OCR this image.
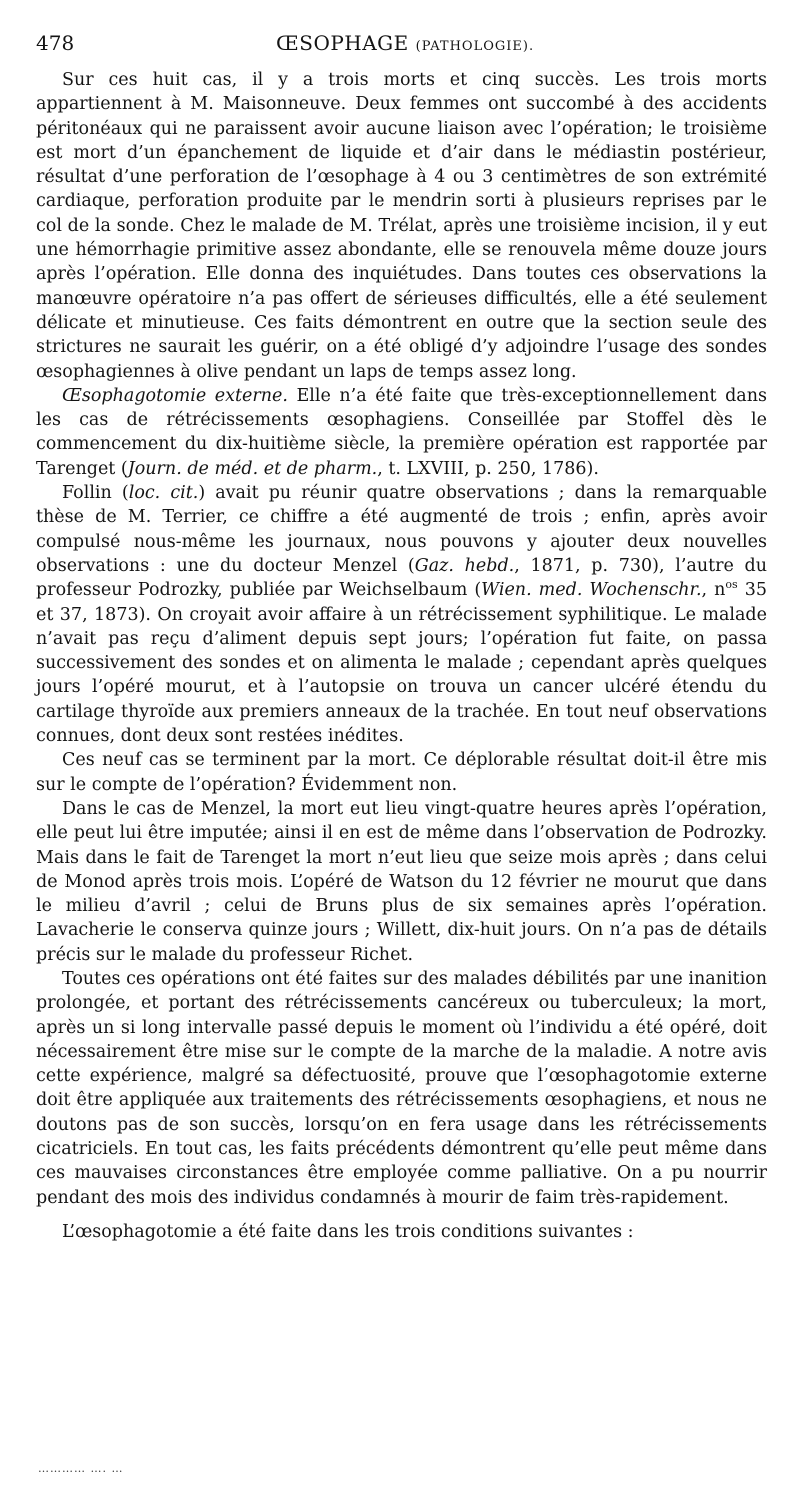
478	ŒSOPHAGE (PATHOLOGIE).

Sur ces huit cas, il y a trois morts et cinq succès. Les trois morts appartiennent à M. Maisonneuve. Deux femmes ont succombé à des accidents péritonéaux qui ne paraissent avoir aucune liaison avec l’opération; le troisième est mort d’un épanchement de liquide et d’air dans le médiastin postérieur, résultat d’une perforation de l’œsophage à 4 ou 3 centimètres de son extrémité cardiaque, perforation produite par le mendrin sorti à plusieurs reprises par le col de la sonde. Chez le malade de M. Trélat, après une troisième incision, il y eut une hémorrhagie primitive assez abondante, elle se renouvela même douze jours après l’opération. Elle donna des inquiétudes. Dans toutes ces observations la manœuvre opératoire n’a pas offert de sérieuses difficultés, elle a été seulement délicate et minutieuse. Ces faits démontrent en outre que la section seule des strictures ne saurait les guérir, on a été obligé d’y adjoindre l’usage des sondes œsophagiennes à olive pendant un laps de temps assez long.

Œsophagotomie externe. Elle n’a été faite que très-exceptionnellement dans les cas de rétrécissements œsophagiens. Conseillée par Stoffel dès le commencement du dix-huitième siècle, la première opération est rapportée par Tarenget (Journ. de méd. et de pharm., t. LXVIII, p. 250, 1786).

Follin (loc. cit.) avait pu réunir quatre observations ; dans la remarquable thèse de M. Terrier, ce chiffre a été augmenté de trois ; enfin, après avoir compulsé nous-même les journaux, nous pouvons y ajouter deux nouvelles observations : une du docteur Menzel (Gaz. hebd., 1871, p. 730), l’autre du professeur Podrozky, publiée par Weichselbaum (Wien. med. Wochenschr., $n^{os}$ 35 et 37, 1873). On croyait avoir affaire à un rétrécissement syphilitique. Le malade n’avait pas reçu d’aliment depuis sept jours; l’opération fut faite, on passa successivement des sondes et on alimenta le malade ; cependant après quelques jours l’opéré mourut, et à l’autopsie on trouva un cancer ulcéré étendu du cartilage thyroïde aux premiers anneaux de la trachée. En tout neuf observations connues, dont deux sont restées inédites.

Ces neuf cas se terminent par la mort. Ce déplorable résultat doit-il être mis sur le compte de l’opération? Évidemment non.

Dans le cas de Menzel, la mort eut lieu vingt-quatre heures après l’opération, elle peut lui être imputée; ainsi il en est de même dans l’observation de Podrozky. Mais dans le fait de Tarenget la mort n’eut lieu que seize mois après ; dans celui de Monod après trois mois. L’opéré de Watson du 12 février ne mourut que dans le milieu d’avril ; celui de Bruns plus de six semaines après l’opération. Lavacherie le conserva quinze jours ; Willett, dix-huit jours. On n’a pas de détails précis sur le malade du professeur Richet.

Toutes ces opérations ont été faites sur des malades débilités par une inanition prolongée, et portant des rétrécissements cancéreux ou tuberculeux; la mort, après un si long intervalle passé depuis le moment où l’individu a été opéré, doit nécessairement être mise sur le compte de la marche de la maladie. A notre avis cette expérience, malgré sa défectuosité, prouve que l’œsophagotomie externe doit être appliquée aux traitements des rétrécissements œsophagiens, et nous ne doutons pas de son succès, lorsqu’on en fera usage dans les rétrécissements cicatriciels. En tout cas, les faits précédents démontrent qu’elle peut même dans ces mauvaises circonstances être employée comme palliative. On a pu nourrir pendant des mois des individus condamnés à mourir de faim très-rapidement.

L’œsophagotomie a été faite dans les trois conditions suivantes :

………… …. …
